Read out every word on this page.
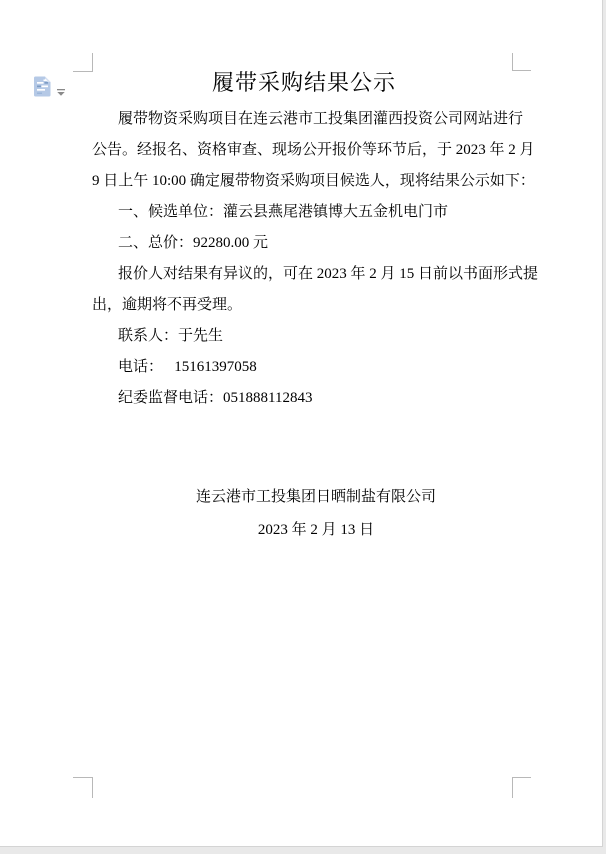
履带采购结果公示
履带物资采购项目在连云港市工投集团灌西投资公司网站进行
公告。经报名、资格审查、现场公开报价等环节后，于 2023 年 2 月
9 日上午 10:00 确定履带物资采购项目候选人，现将结果公示如下：
一、候选单位：灌云县燕尾港镇博大五金机电门市
二、总价：92280.00 元
报价人对结果有异议的，可在 2023 年 2 月 15 日前以书面形式提
出，逾期将不再受理。
联系人：于先生
电话：   15161397058
纪委监督电话：051888112843
连云港市工投集团日晒制盐有限公司
2023 年 2 月 13 日
